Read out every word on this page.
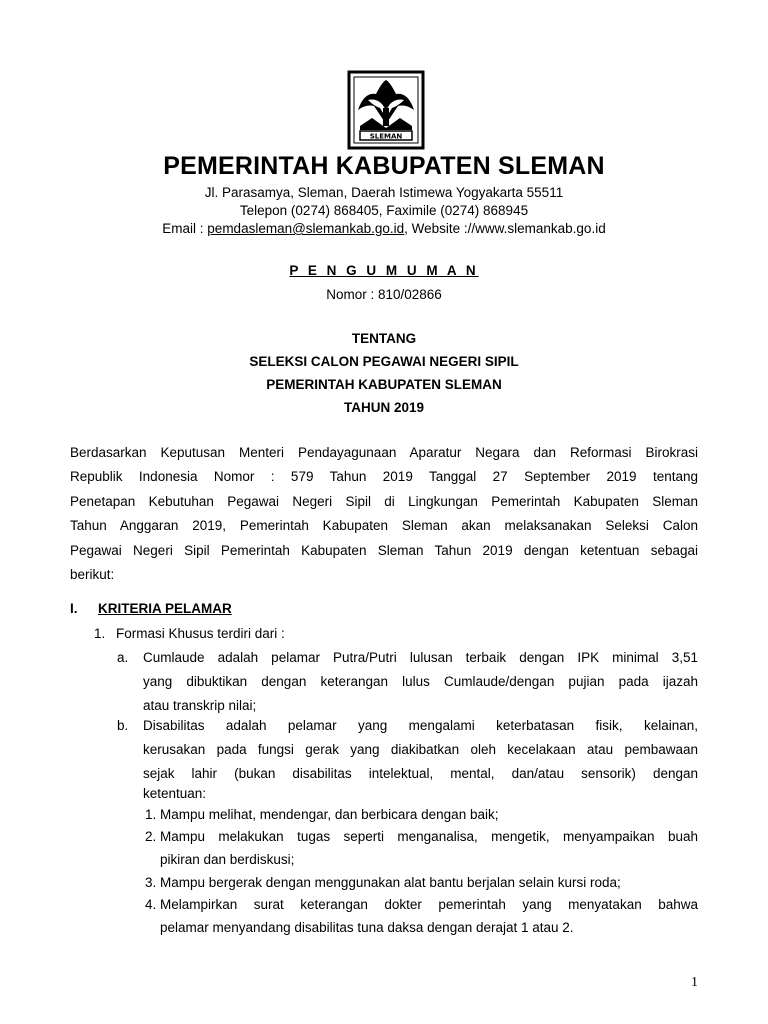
SLEMAN
PEMERINTAH KABUPATEN SLEMAN
Jl. Parasamya, Sleman, Daerah Istimewa Yogyakarta 55511
Telepon (0274) 868405, Faximile (0274) 868945
Email : pemdasleman@slemankab.go.id, Website ://www.slemankab.go.id
P E N G U M U M A N
Nomor : 810/02866
TENTANG
SELEKSI CALON PEGAWAI NEGERI SIPIL
PEMERINTAH KABUPATEN SLEMAN
TAHUN 2019
Berdasarkan Keputusan Menteri Pendayagunaan Aparatur Negara dan Reformasi Birokrasi
Republik Indonesia Nomor : 579 Tahun 2019 Tanggal 27 September 2019 tentang
Penetapan Kebutuhan Pegawai Negeri Sipil di Lingkungan Pemerintah Kabupaten Sleman
Tahun Anggaran 2019, Pemerintah Kabupaten Sleman akan melaksanakan Seleksi Calon
Pegawai Negeri Sipil Pemerintah Kabupaten Sleman Tahun 2019 dengan ketentuan sebagai
berikut:
I. KRITERIA PELAMAR
1. Formasi Khusus terdiri dari :
a. Cumlaude adalah pelamar Putra/Putri lulusan terbaik dengan IPK minimal 3,51
yang dibuktikan dengan keterangan lulus Cumlaude/dengan pujian pada ijazah
atau transkrip nilai;
b. Disabilitas adalah pelamar yang mengalami keterbatasan fisik, kelainan,
kerusakan pada fungsi gerak yang diakibatkan oleh kecelakaan atau pembawaan
sejak lahir (bukan disabilitas intelektual, mental, dan/atau sensorik) dengan
ketentuan:
1. Mampu melihat, mendengar, dan berbicara dengan baik;
2. Mampu melakukan tugas seperti menganalisa, mengetik, menyampaikan buah
pikiran dan berdiskusi;
3. Mampu bergerak dengan menggunakan alat bantu berjalan selain kursi roda;
4. Melampirkan surat keterangan dokter pemerintah yang menyatakan bahwa
pelamar menyandang disabilitas tuna daksa dengan derajat 1 atau 2.
1
